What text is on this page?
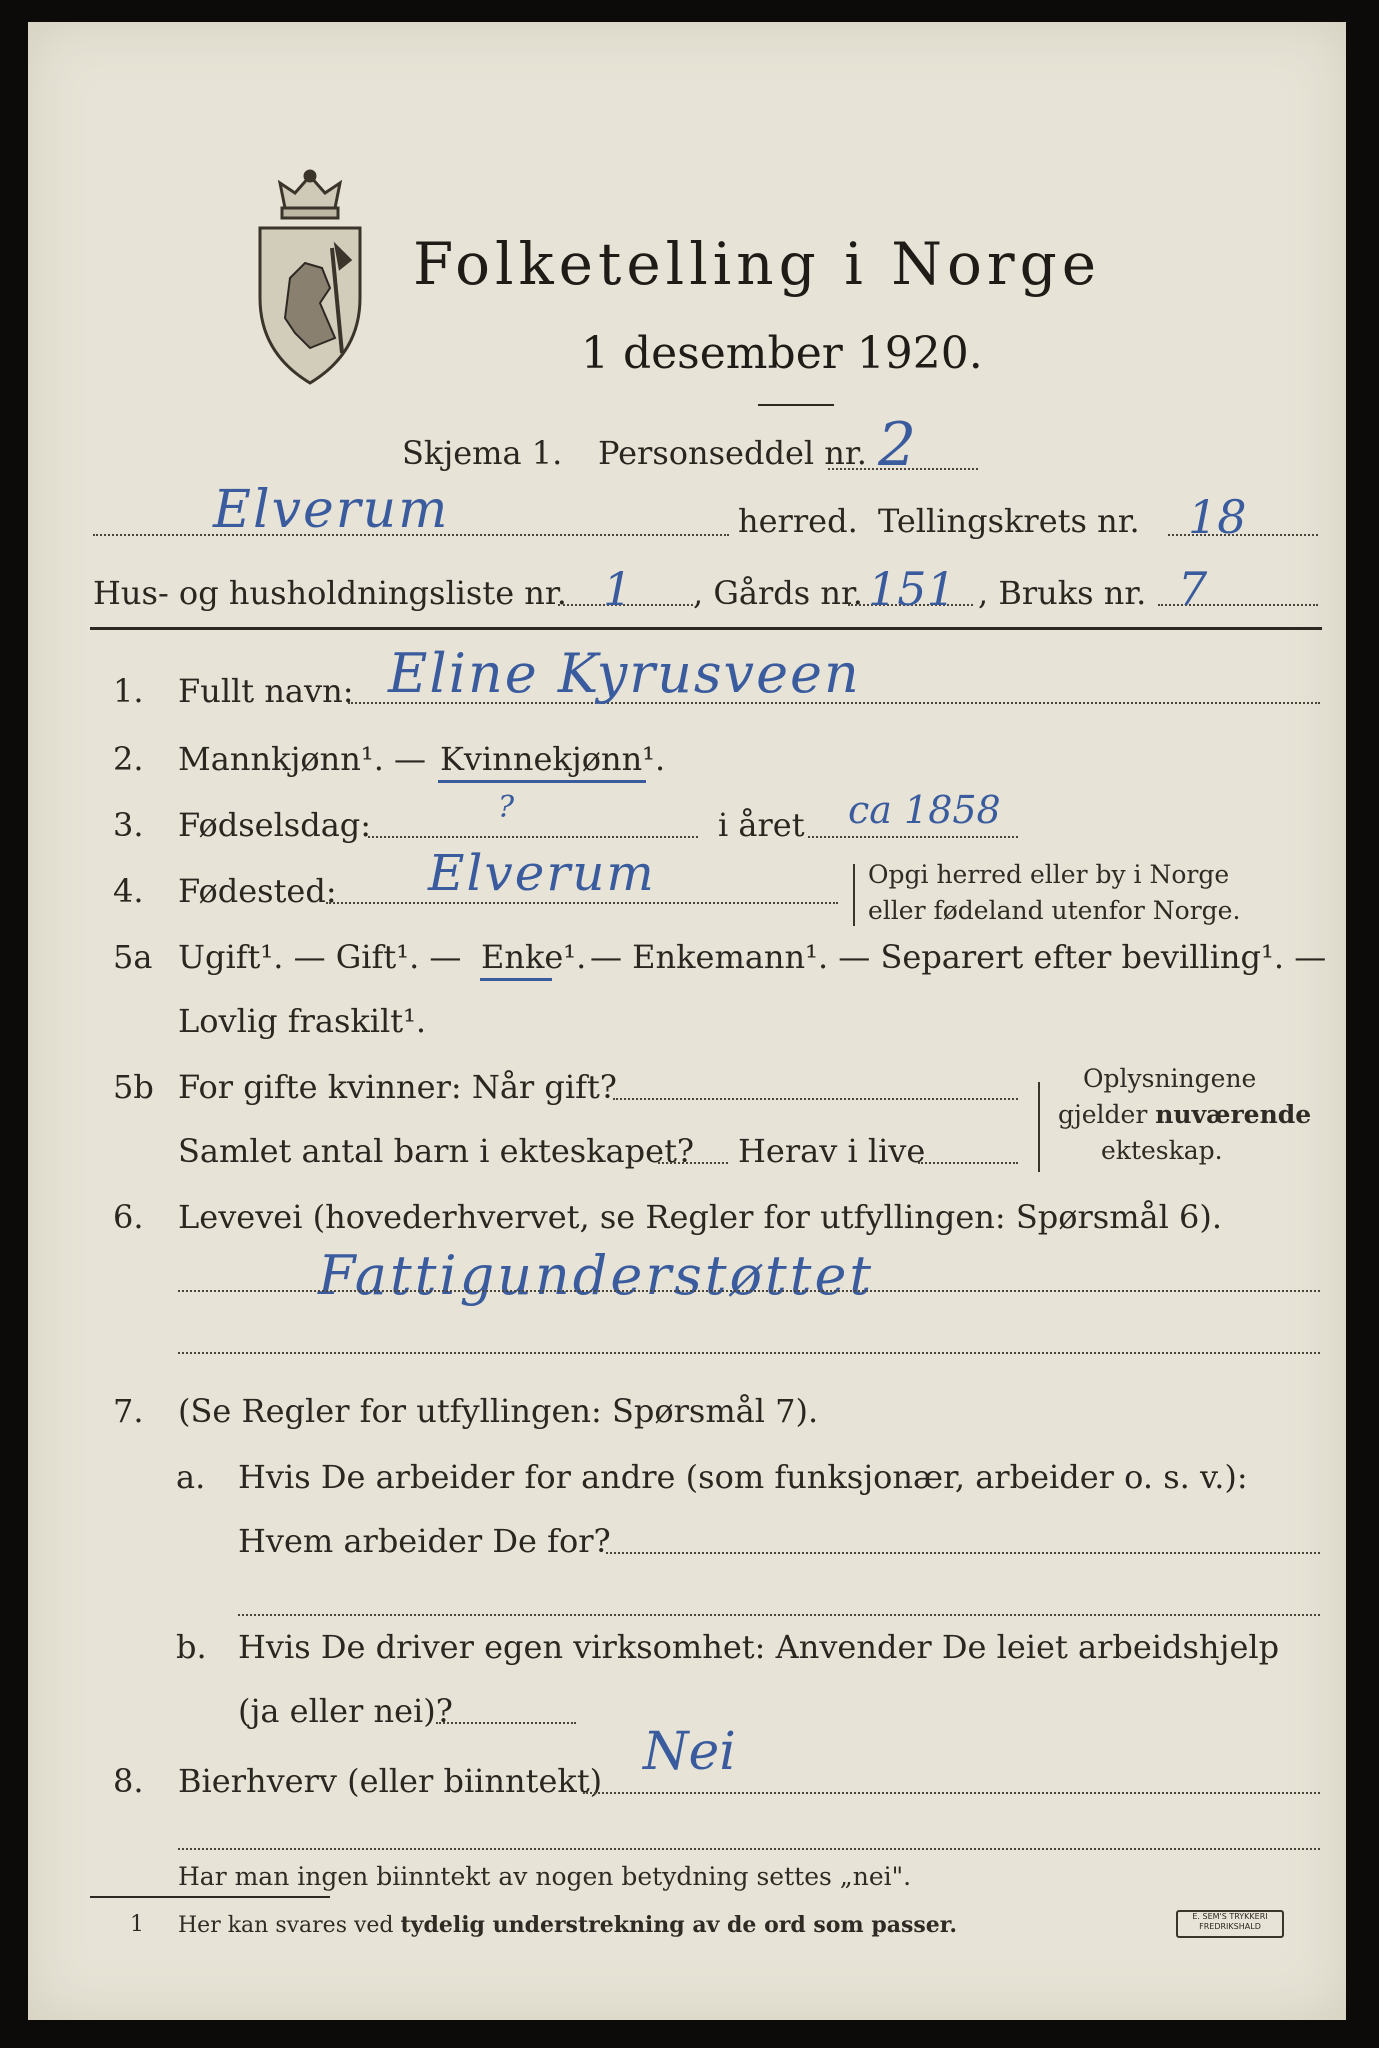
Folketelling i Norge
1 desember 1920.
Skjema 1. Personseddel nr. 2
Elverum	herred. Tellingskrets nr. 18
Hus- og husholdningsliste nr. 1 , Gårds nr. 151 , Bruks nr. 7
1. Fullt navn: Eline Kyrusveen
2. Mannkjønn¹. — Kvinnekjønn¹.
3. Fødselsdag:	?	i året ca 1858
4. Fødested: Elverum	Opgi herred eller by i Norge
eller fødeland utenfor Norge.
5a Ugift¹. — Gift¹. — Enke¹. — Enkemann¹. — Separert efter bevilling¹. —
Lovlig fraskilt¹.
5b For gifte kvinner: Når gift?
Samlet antal barn i ekteskapet? Herav i live
Oplysningene
gjelder nuværende
ekteskap.
6. Levevei (hovederhvervet, se Regler for utfyllingen: Spørsmål 6).
Fattigunderstøttet
7. (Se Regler for utfyllingen: Spørsmål 7).
a. Hvis De arbeider for andre (som funksjonær, arbeider o. s. v.):
Hvem arbeider De for?
b. Hvis De driver egen virksomhet: Anvender De leiet arbeidshjelp
(ja eller nei)?
8. Bierhverv (eller biinntekt) Nei
Har man ingen biinntekt av nogen betydning settes „nei".
1 Her kan svares ved tydelig understrekning av de ord som passer.	E. SEM'S TRYKKERI
FREDRIKSHALD
